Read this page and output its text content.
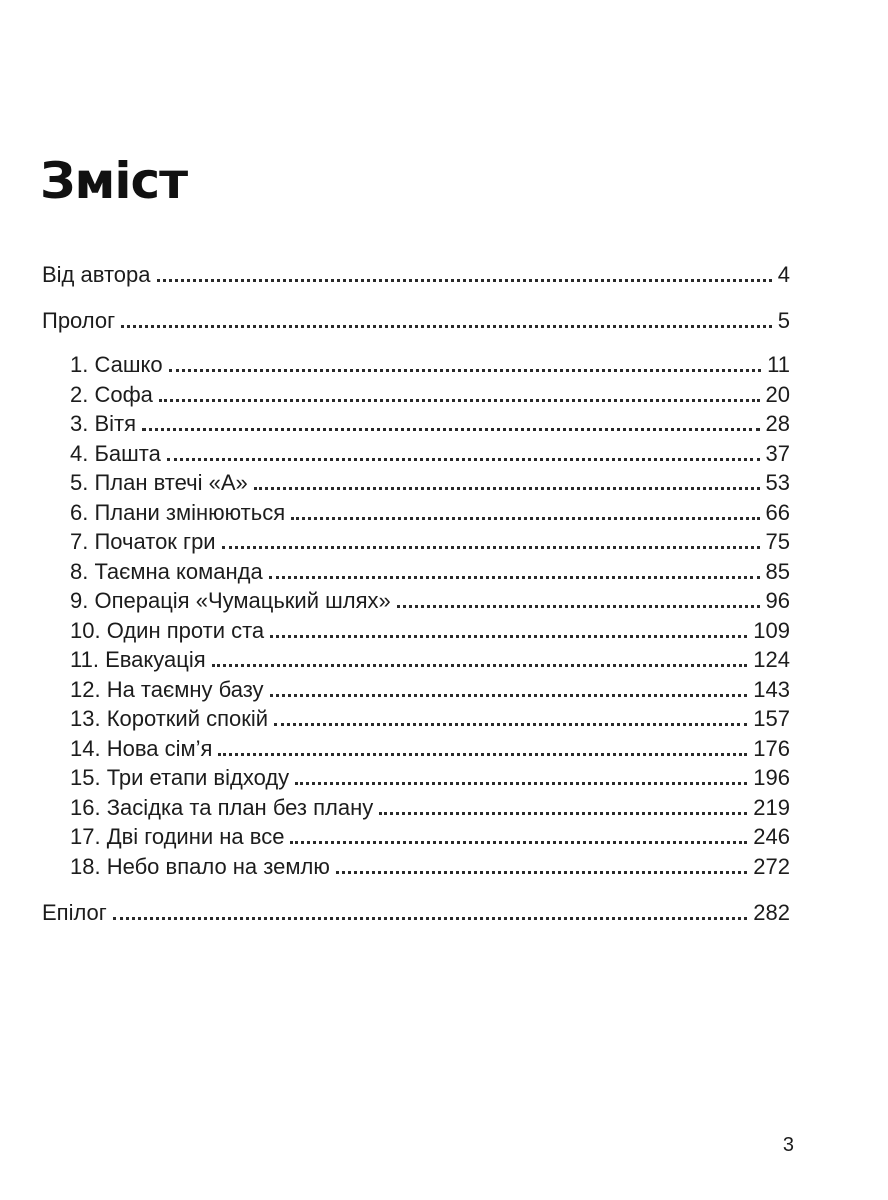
Зміст
Від автора	4
Пролог	5
1. Сашко	11
2. Софа	20
3. Вітя	28
4. Башта	37
5. План втечі «А»	53
6. Плани змінюються	66
7. Початок гри	75
8. Таємна команда	85
9. Операція «Чумацький шлях»	96
10. Один проти ста	109
11. Евакуація	124
12. На таємну базу	143
13. Короткий спокій	157
14. Нова сім’я	176
15. Три етапи відходу	196
16. Засідка та план без плану	219
17. Дві години на все	246
18. Небо впало на землю	272
Епілог	282
3
